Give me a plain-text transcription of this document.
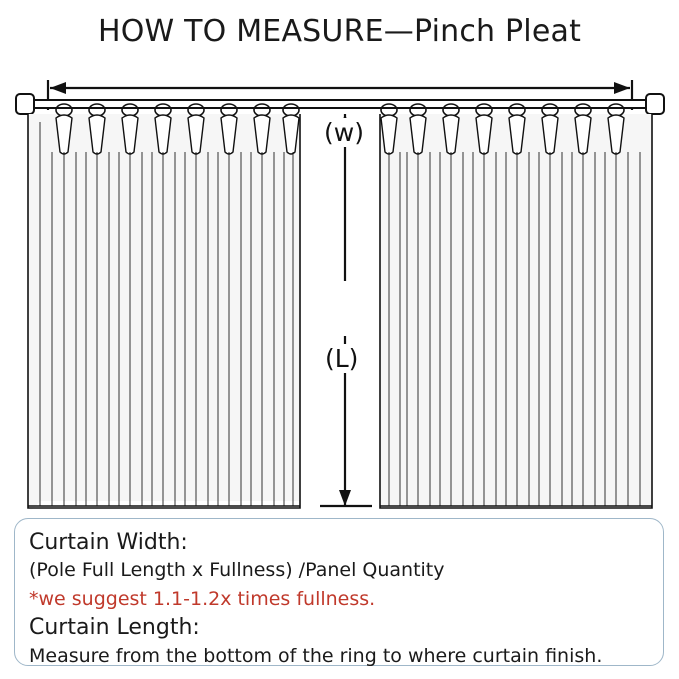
HOW TO MEASURE—Pinch Pleat
(w)
(L)
Curtain Width:
(Pole Full Length x Fullness) /Panel Quantity
*we suggest 1.1-1.2x times fullness.
Curtain Length:
Measure from the bottom of the ring to where curtain finish.
